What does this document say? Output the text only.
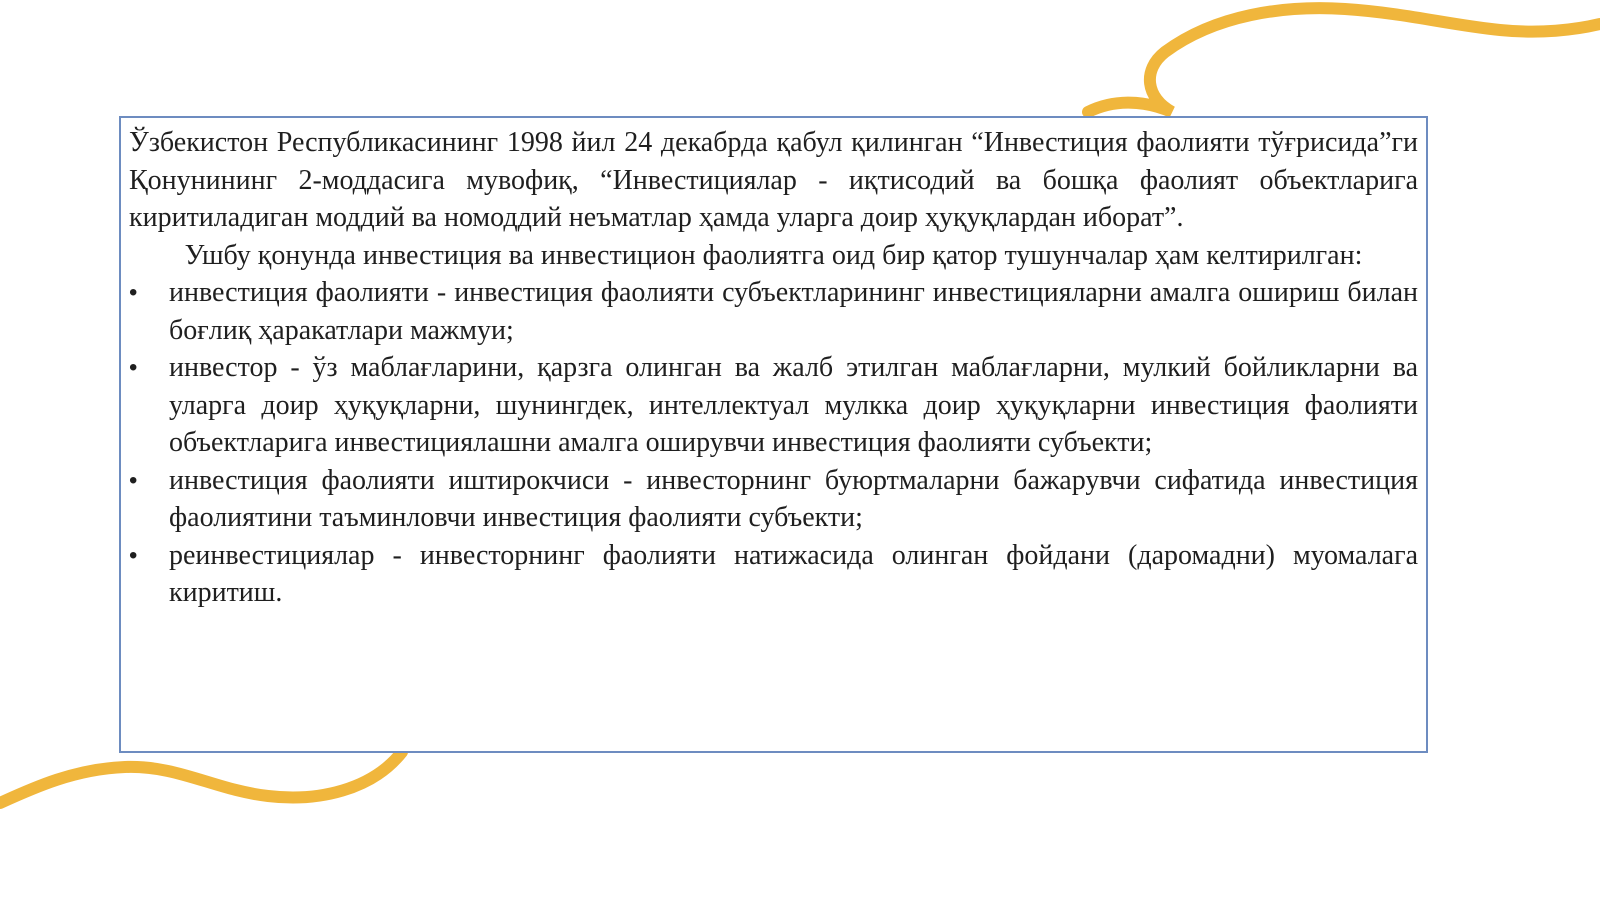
Ўзбекистон Республикасининг 1998 йил 24 декабрда қабул қилинган “Инвестиция фаолияти тўғрисида”ги Қонунининг 2-моддасига мувофиқ, “Инвестициялар - иқтисодий ва бошқа фаолият объектларига киритиладиган моддий ва номоддий неъматлар ҳамда уларга доир ҳуқуқлардан иборат”.

Ушбу қонунда инвестиция ва инвестицион фаолиятга оид бир қатор тушунчалар ҳам келтирилган:

•	инвестиция фаолияти - инвестиция фаолияти субъектларининг инвестицияларни амалга ошириш билан боғлиқ ҳаракатлари мажмуи;
•	инвестор - ўз маблағларини, қарзга олинган ва жалб этилган маблағларни, мулкий бойликларни ва уларга доир ҳуқуқларни, шунингдек, интеллектуал мулкка доир ҳуқуқларни инвестиция фаолияти объектларига инвестициялашни амалга оширувчи инвестиция фаолияти субъекти;
•	инвестиция фаолияти иштирокчиси - инвесторнинг буюртмаларни бажарувчи сифатида инвестиция фаолиятини таъминловчи инвестиция фаолияти субъекти;
•	реинвестициялар - инвесторнинг фаолияти натижасида олинган фойдани (даромадни) муомалага киритиш.
